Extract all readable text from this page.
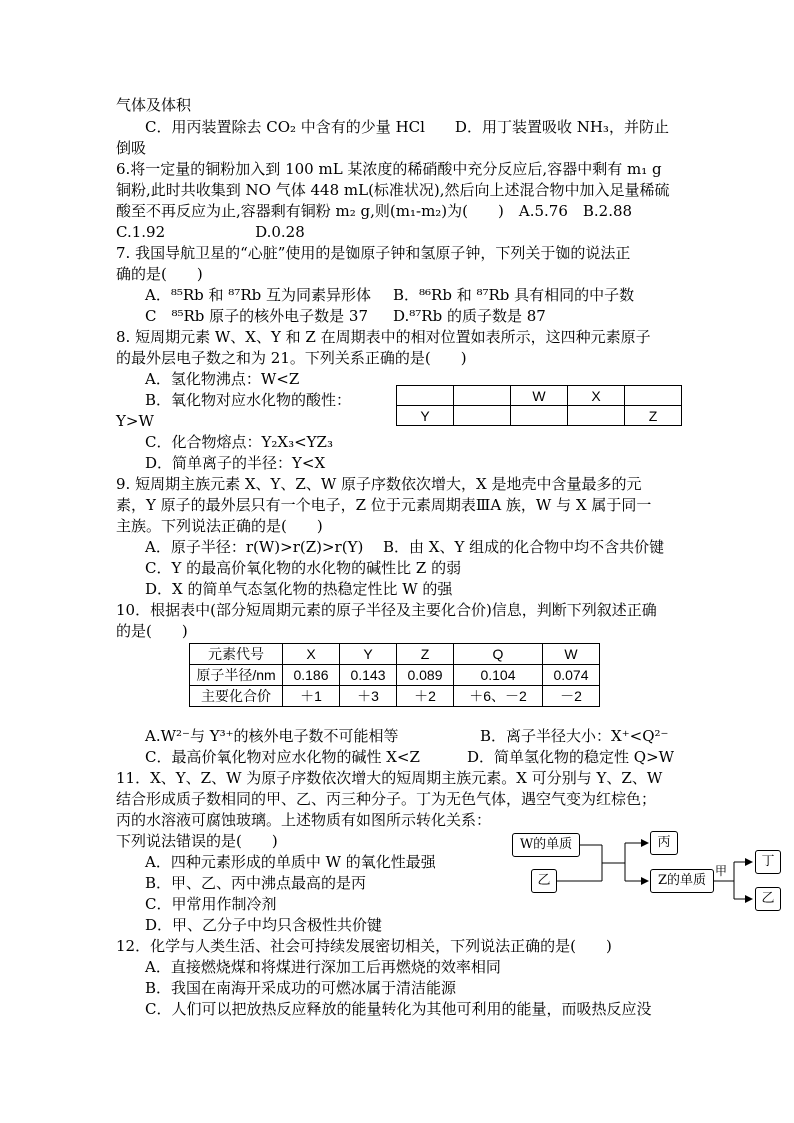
气体及体积
C．用丙装置除去 CO₂ 中含有的少量 HCl　　D．用丁装置吸收 NH₃，并防止
倒吸
6.将一定量的铜粉加入到 100 mL 某浓度的稀硝酸中充分反应后,容器中剩有 m₁ g
铜粉,此时共收集到 NO 气体 448 mL(标准状况),然后向上述混合物中加入足量稀硫
酸至不再反应为止,容器剩有铜粉 m₂ g,则(m₁-m₂)为(　　)　A.5.76　B.2.88
C.1.92　　　　　　D.0.28
7. 我国导航卫星的“心脏”使用的是铷原子钟和氢原子钟，下列关于铷的说法正
确的是(　　)
A．⁸⁵Rb 和 ⁸⁷Rb 互为同素异形体 B．⁸⁶Rb 和 ⁸⁷Rb 具有相同的中子数
C　⁸⁵Rb 原子的核外电子数是 37 D.⁸⁷Rb 的质子数是 87
8. 短周期元素 W、X、Y 和 Z 在周期表中的相对位置如表所示，这四种元素原子
的最外层电子数之和为 21。下列关系正确的是(　　)
A．氢化物沸点：W<Z
B．氧化物对应水化物的酸性：
Y>W
C．化合物熔点：Y₂X₃<YZ₃
D．简单离子的半径：Y<X
		W	X	
Y				Z
9. 短周期主族元素 X、Y、Z、W 原子序数依次增大，X 是地壳中含量最多的元
素，Y 原子的最外层只有一个电子，Z 位于元素周期表ⅢA 族，W 与 X 属于同一
主族。下列说法正确的是(　　)
A．原子半径：r(W)>r(Z)>r(Y) B．由 X、Y 组成的化合物中均不含共价键
C．Y 的最高价氧化物的水化物的碱性比 Z 的弱
D．X 的简单气态氢化物的热稳定性比 W 的强
10．根据表中(部分短周期元素的原子半径及主要化合价)信息，判断下列叙述正确
的是(　　)
元素代号	X	Y	Z	Q	W
原子半径/nm	0.186	0.143	0.089	0.104	0.074
主要化合价	＋1	＋3	＋2	＋6、－2	－2
A.W²⁻与 Y³⁺的核外电子数不可能相等	B．离子半径大小：X⁺<Q²⁻
C．最高价氧化物对应水化物的碱性 X<Z	D．简单氢化物的稳定性 Q>W
11．X、Y、Z、W 为原子序数依次增大的短周期主族元素。X 可分别与 Y、Z、W
结合形成质子数相同的甲、乙、丙三种分子。丁为无色气体，遇空气变为红棕色；
丙的水溶液可腐蚀玻璃。上述物质有如图所示转化关系：
下列说法错误的是(　　)
A．四种元素形成的单质中 W 的氧化性最强
B．甲、乙、丙中沸点最高的是丙
C．甲常用作制冷剂
D．甲、乙分子中均只含极性共价键
W的单质
乙
丙
Z的单质
甲
丁
乙
12．化学与人类生活、社会可持续发展密切相关，下列说法正确的是(　　)
A．直接燃烧煤和将煤进行深加工后再燃烧的效率相同
B．我国在南海开采成功的可燃冰属于清洁能源
C．人们可以把放热反应释放的能量转化为其他可利用的能量，而吸热反应没
